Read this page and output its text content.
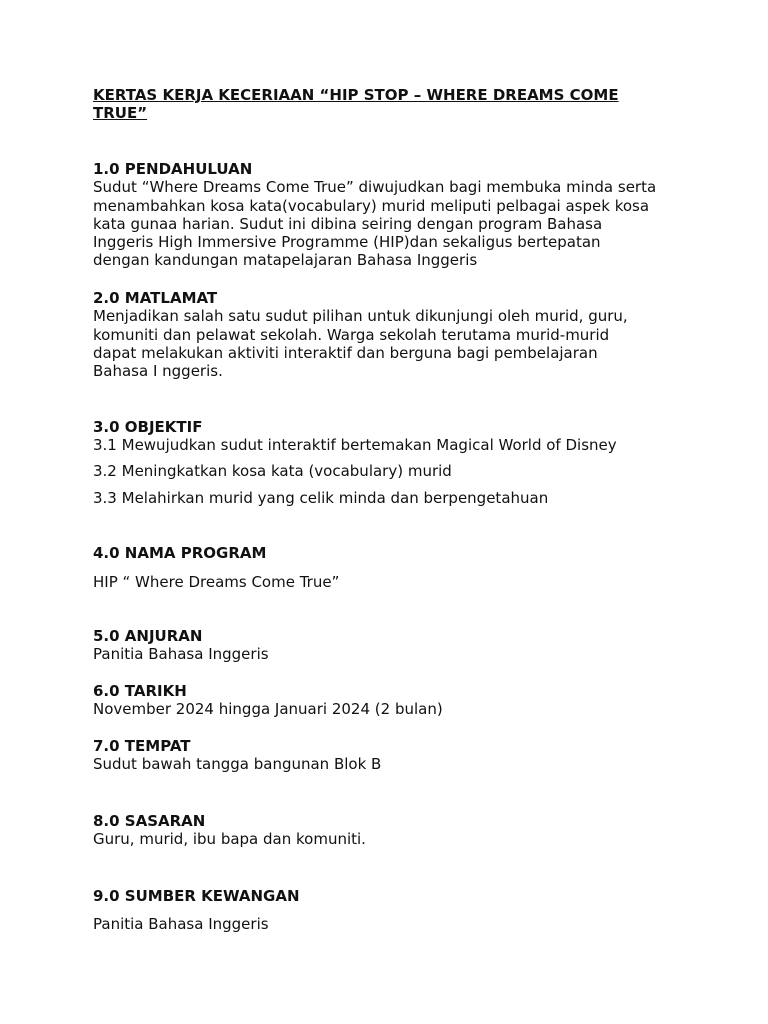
KERTAS KERJA KECERIAAN “HIP STOP – WHERE DREAMS COME TRUE”

1.0 PENDAHULUAN

Sudut “Where Dreams Come True” diwujudkan bagi membuka minda serta

menambahkan kosa kata(vocabulary) murid meliputi pelbagai aspek kosa

kata gunaa harian. Sudut ini dibina seiring dengan program Bahasa

Inggeris High Immersive Programme (HIP)dan sekaligus bertepatan

dengan kandungan matapelajaran Bahasa Inggeris

2.0 MATLAMAT

Menjadikan salah satu sudut pilihan untuk dikunjungi oleh murid, guru,

komuniti dan pelawat sekolah. Warga sekolah terutama murid-murid

dapat melakukan aktiviti interaktif dan berguna bagi pembelajaran

Bahasa I nggeris.

3.0 OBJEKTIF

3.1 Mewujudkan sudut interaktif bertemakan Magical World of Disney

3.2 Meningkatkan kosa kata (vocabulary) murid

3.3 Melahirkan murid yang celik minda dan berpengetahuan

4.0 NAMA PROGRAM

HIP “ Where Dreams Come True”

5.0 ANJURAN

Panitia Bahasa Inggeris

6.0 TARIKH

November 2024 hingga Januari 2024 (2 bulan)

7.0 TEMPAT

Sudut bawah tangga bangunan Blok B

8.0 SASARAN

Guru, murid, ibu bapa dan komuniti.

9.0 SUMBER KEWANGAN

Panitia Bahasa Inggeris
